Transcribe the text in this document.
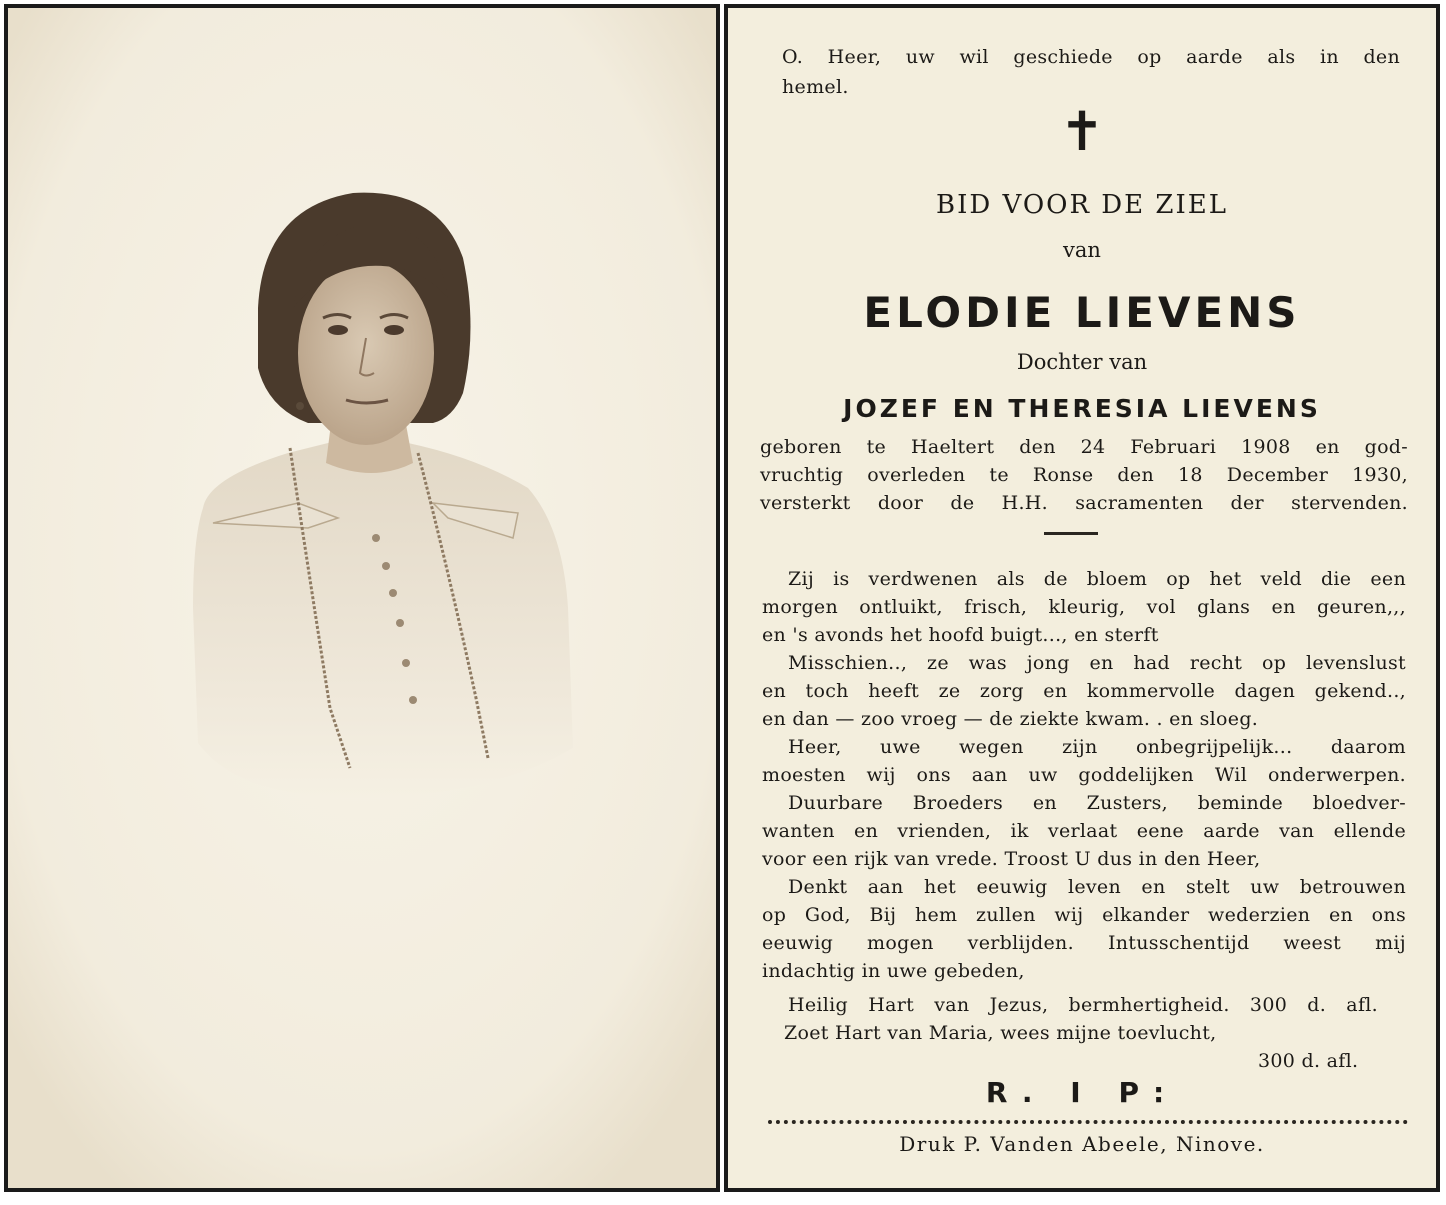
O. Heer, uw wil geschiede op aarde als in den
hemel.
✝
BID VOOR DE ZIEL
van
ELODIE LIEVENS
Dochter van
JOZEF EN THERESIA LIEVENS
geboren te Haeltert den 24 Februari 1908 en god-
vruchtig overleden te Ronse den 18 December 1930,
versterkt door de H.H. sacramenten der stervenden.
Zij is verdwenen als de bloem op het veld die een
morgen ontluikt, frisch, kleurig, vol glans en geuren,,,
en 's avonds het hoofd buigt..., en sterft
Misschien.., ze was jong en had recht op levenslust
en toch heeft ze zorg en kommervolle dagen gekend..,
en dan — zoo vroeg — de ziekte kwam. . en sloeg.
Heer, uwe wegen zijn onbegrijpelijk... daarom
moesten wij ons aan uw goddelijken Wil onderwerpen.
Duurbare Broeders en Zusters, beminde bloedver-
wanten en vrienden, ik verlaat eene aarde van ellende
voor een rijk van vrede. Troost U dus in den Heer,
Denkt aan het eeuwig leven en stelt uw betrouwen
op God, Bij hem zullen wij elkander wederzien en ons
eeuwig mogen verblijden. Intusschentijd weest mij
indachtig in uwe gebeden,
Heilig Hart van Jezus, bermhertigheid. 300 d. afl.
Zoet Hart van Maria, wees mijne toevlucht,
300 d. afl.
R. I P:
Druk P. Vanden Abeele, Ninove.
